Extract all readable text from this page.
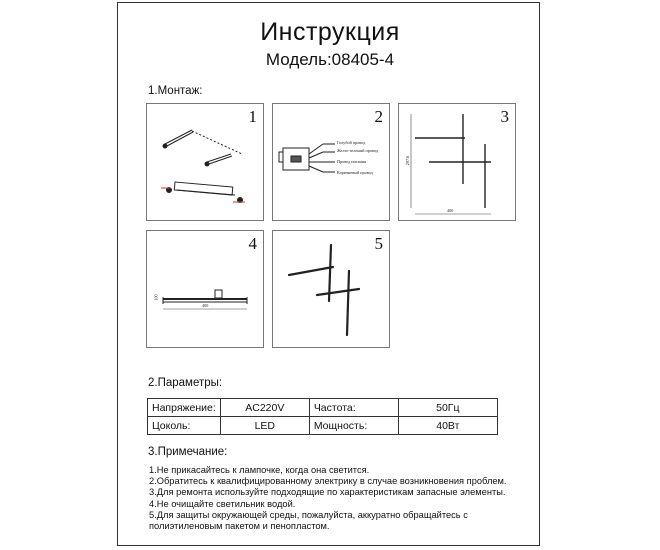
Инструкция
Модель:08405-4
1.Монтаж:
1	2
Голубой провод
Желто-зеленый провод
Провод питания
Коричневый провод
3
297.6
400
4
100
400
5
2.Параметры:
Напряжение:	AC220V	Частота:	50Гц
Цоколь:	LED	Мощность:	40Вт
3.Примечание:
1.Не прикасайтесь к лампочке, когда она светится.
2.Обратитесь к квалифицированному электрику в случае возникновения проблем.
3.Для ремонта используйте подходящие по характеристикам запасные элементы.
4.Не очищайте светильник водой.
5.Для защиты окружающей среды, пожалуйста, аккуратно обращайтесь с
полиэтиленовым пакетом и пенопластом.
